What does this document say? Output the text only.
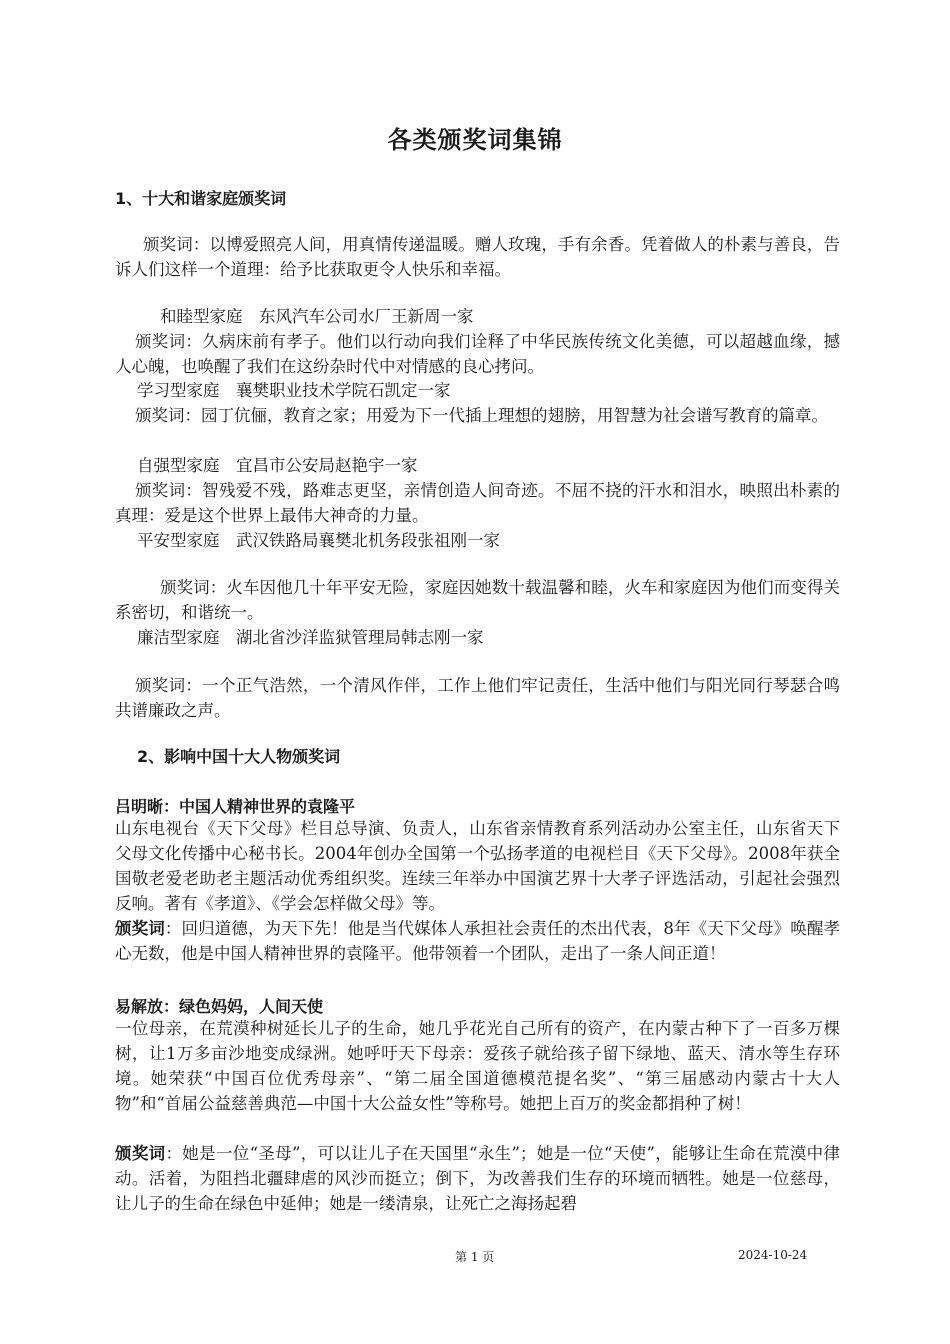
各类颁奖词集锦
1、十大和谐家庭颁奖词
颁奖词：以博爱照亮人间，用真情传递温暖。赠人玫瑰，手有余香。凭着做人的朴素与善良，告诉人们这样一个道理：给予比获取更令人快乐和幸福。
和睦型家庭　东风汽车公司水厂王新周一家
颁奖词：久病床前有孝子。他们以行动向我们诠释了中华民族传统文化美德，可以超越血缘，撼人心魄，也唤醒了我们在这纷杂时代中对情感的良心拷问。
学习型家庭　襄樊职业技术学院石凯定一家
颁奖词：园丁伉俪，教育之家；用爱为下一代插上理想的翅膀，用智慧为社会谱写教育的篇章。
自强型家庭　宜昌市公安局赵艳宇一家
颁奖词：智残爱不残，路难志更坚，亲情创造人间奇迹。不屈不挠的汗水和泪水，映照出朴素的真理：爱是这个世界上最伟大神奇的力量。
平安型家庭　武汉铁路局襄樊北机务段张祖刚一家
颁奖词：火车因他几十年平安无险，家庭因她数十载温馨和睦，火车和家庭因为他们而变得关系密切，和谐统一。
廉洁型家庭　湖北省沙洋监狱管理局韩志刚一家
颁奖词：一个正气浩然，一个清风作伴，工作上他们牢记责任，生活中他们与阳光同行琴瑟合鸣共谱廉政之声。
2、影响中国十大人物颁奖词
吕明晰：中国人精神世界的袁隆平
山东电视台《天下父母》栏目总导演、负责人，山东省亲情教育系列活动办公室主任，山东省天下父母文化传播中心秘书长。2004年创办全国第一个弘扬孝道的电视栏目《天下父母》。2008年获全国敬老爱老助老主题活动优秀组织奖。连续三年举办中国演艺界十大孝子评选活动，引起社会强烈反响。著有《孝道》、《学会怎样做父母》等。
颁奖词：回归道德，为天下先！他是当代媒体人承担社会责任的杰出代表，8年《天下父母》唤醒孝心无数，他是中国人精神世界的袁隆平。他带领着一个团队，走出了一条人间正道！
易解放：绿色妈妈，人间天使
一位母亲，在荒漠种树延长儿子的生命，她几乎花光自己所有的资产，在内蒙古种下了一百多万棵树，让1万多亩沙地变成绿洲。她呼吁天下母亲：爱孩子就给孩子留下绿地、蓝天、清水等生存环境。她荣获“中国百位优秀母亲”、“第二届全国道德模范提名奖”、“第三届感动内蒙古十大人物”和“首届公益慈善典范—中国十大公益女性”等称号。她把上百万的奖金都捐种了树！
颁奖词：她是一位“圣母”，可以让儿子在天国里“永生”；她是一位“天使”，能够让生命在荒漠中律动。活着，为阻挡北疆肆虐的风沙而挺立；倒下，为改善我们生存的环境而牺牲。她是一位慈母，让儿子的生命在绿色中延伸；她是一缕清泉，让死亡之海扬起碧
第 1 页	2024-10-24
